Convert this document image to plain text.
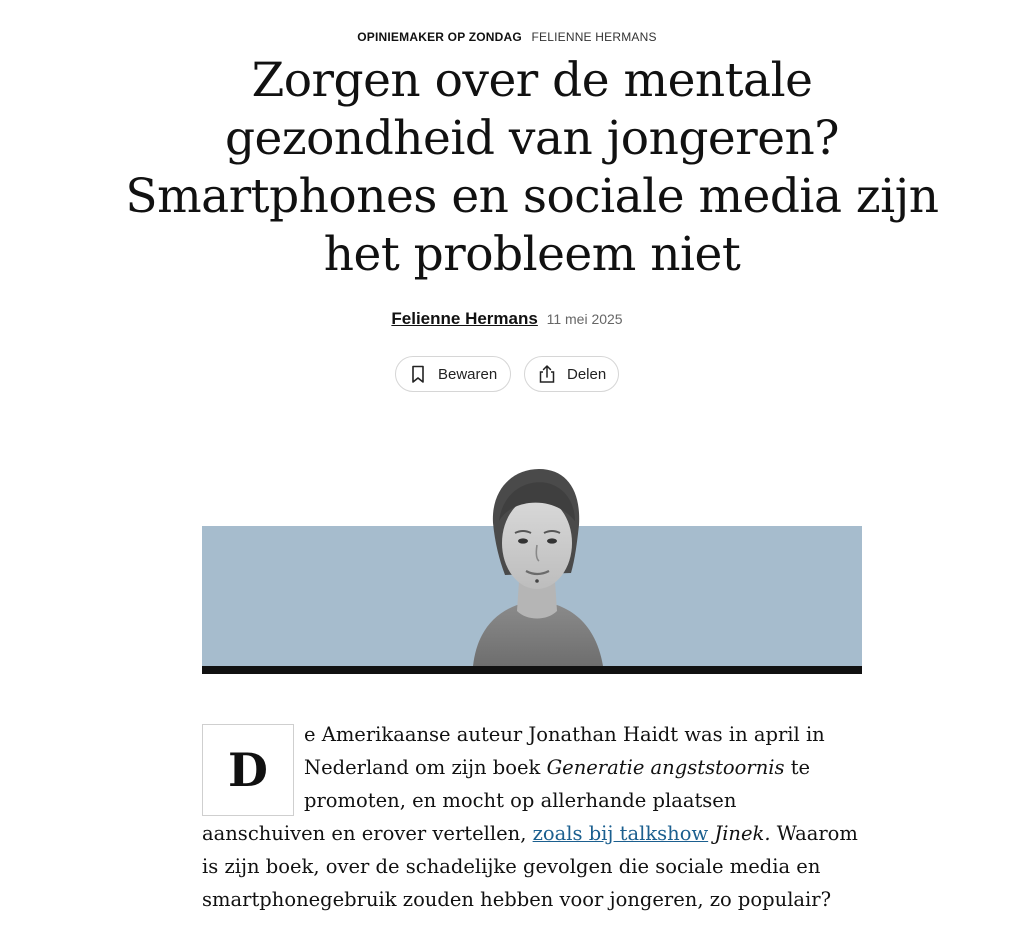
OPINIEMAKER OP ZONDAG FELIENNE HERMANS
Zorgen over de mentale gezondheid van jongeren? Smartphones en sociale media zijn het probleem niet
Felienne Hermans 11 mei 2025
Bewaren	Delen

D
e Amerikaanse auteur Jonathan Haidt was in april in Nederland om zijn boek Generatie angststoornis te promoten, en mocht op allerhande plaatsen aanschuiven en erover vertellen, zoals bij talkshow Jinek. Waarom is zijn boek, over de schadelijke gevolgen die sociale media en smartphonegebruik zouden hebben voor jongeren, zo populair?
